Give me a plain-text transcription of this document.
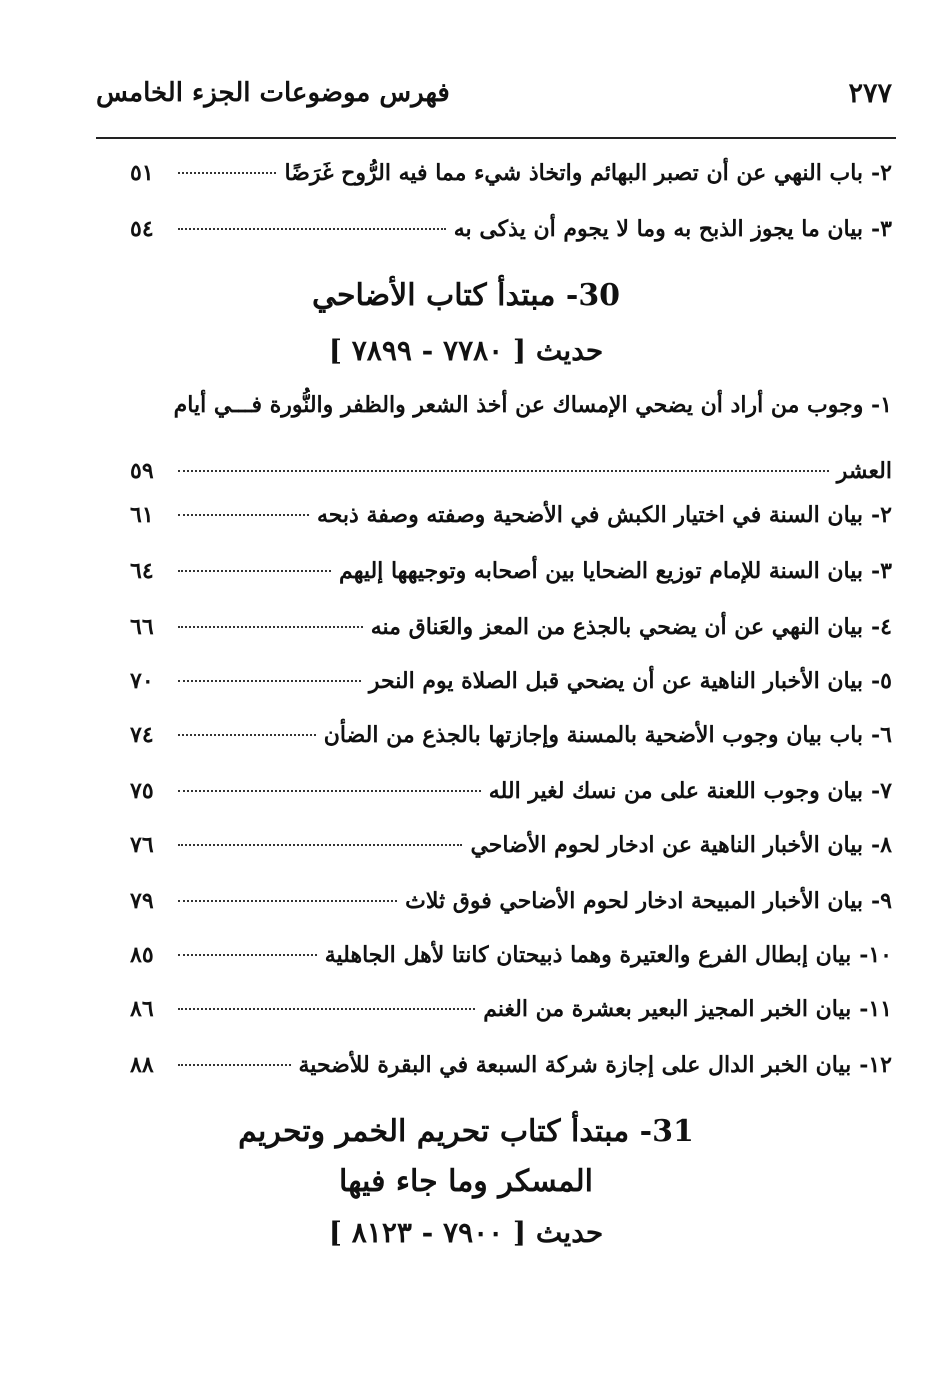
٢٧٧
فهرس موضوعات الجزء الخامس
٢-
باب النهي عن أن تصبر البهائم واتخاذ شيء مما فيه الرُّوح غَرَضًا
٥١
٣-
بيان ما يجوز الذبح به وما لا يجوم أن يذكى به
٥٤
30- مبتدأ كتاب الأضاحي
حديث [ ٧٧٨٠ - ٧٨٩٩ ]
١- وجوب من أراد أن يضحي الإمساك عن أخذ الشعر والظفر والنُّورة فـــي أيام
العشر
٥٩
٢-
بيان السنة في اختيار الكبش في الأضحية وصفته وصفة ذبحه
٦١
٣-
بيان السنة للإمام توزيع الضحايا بين أصحابه وتوجيهها إليهم
٦٤
٤-
بيان النهي عن أن يضحي بالجذع من المعز والعَناق منه
٦٦
٥-
بيان الأخبار الناهية عن أن يضحي قبل الصلاة يوم النحر
٧٠
٦-
باب بيان وجوب الأضحية بالمسنة وإجازتها بالجذع من الضأن
٧٤
٧-
بيان وجوب اللعنة على من نسك لغير الله
٧٥
٨-
بيان الأخبار الناهية عن ادخار لحوم الأضاحي
٧٦
٩-
بيان الأخبار المبيحة ادخار لحوم الأضاحي فوق ثلاث
٧٩
١٠-
بيان إبطال الفرع والعتيرة وهما ذبيحتان كانتا لأهل الجاهلية
٨٥
١١-
بيان الخبر المجيز البعير بعشرة من الغنم
٨٦
١٢-
بيان الخبر الدال على إجازة شركة السبعة في البقرة للأضحية
٨٨
31- مبتدأ كتاب تحريم الخمر وتحريم
المسكر وما جاء فيها
حديث [ ٧٩٠٠ - ٨١٢٣ ]
